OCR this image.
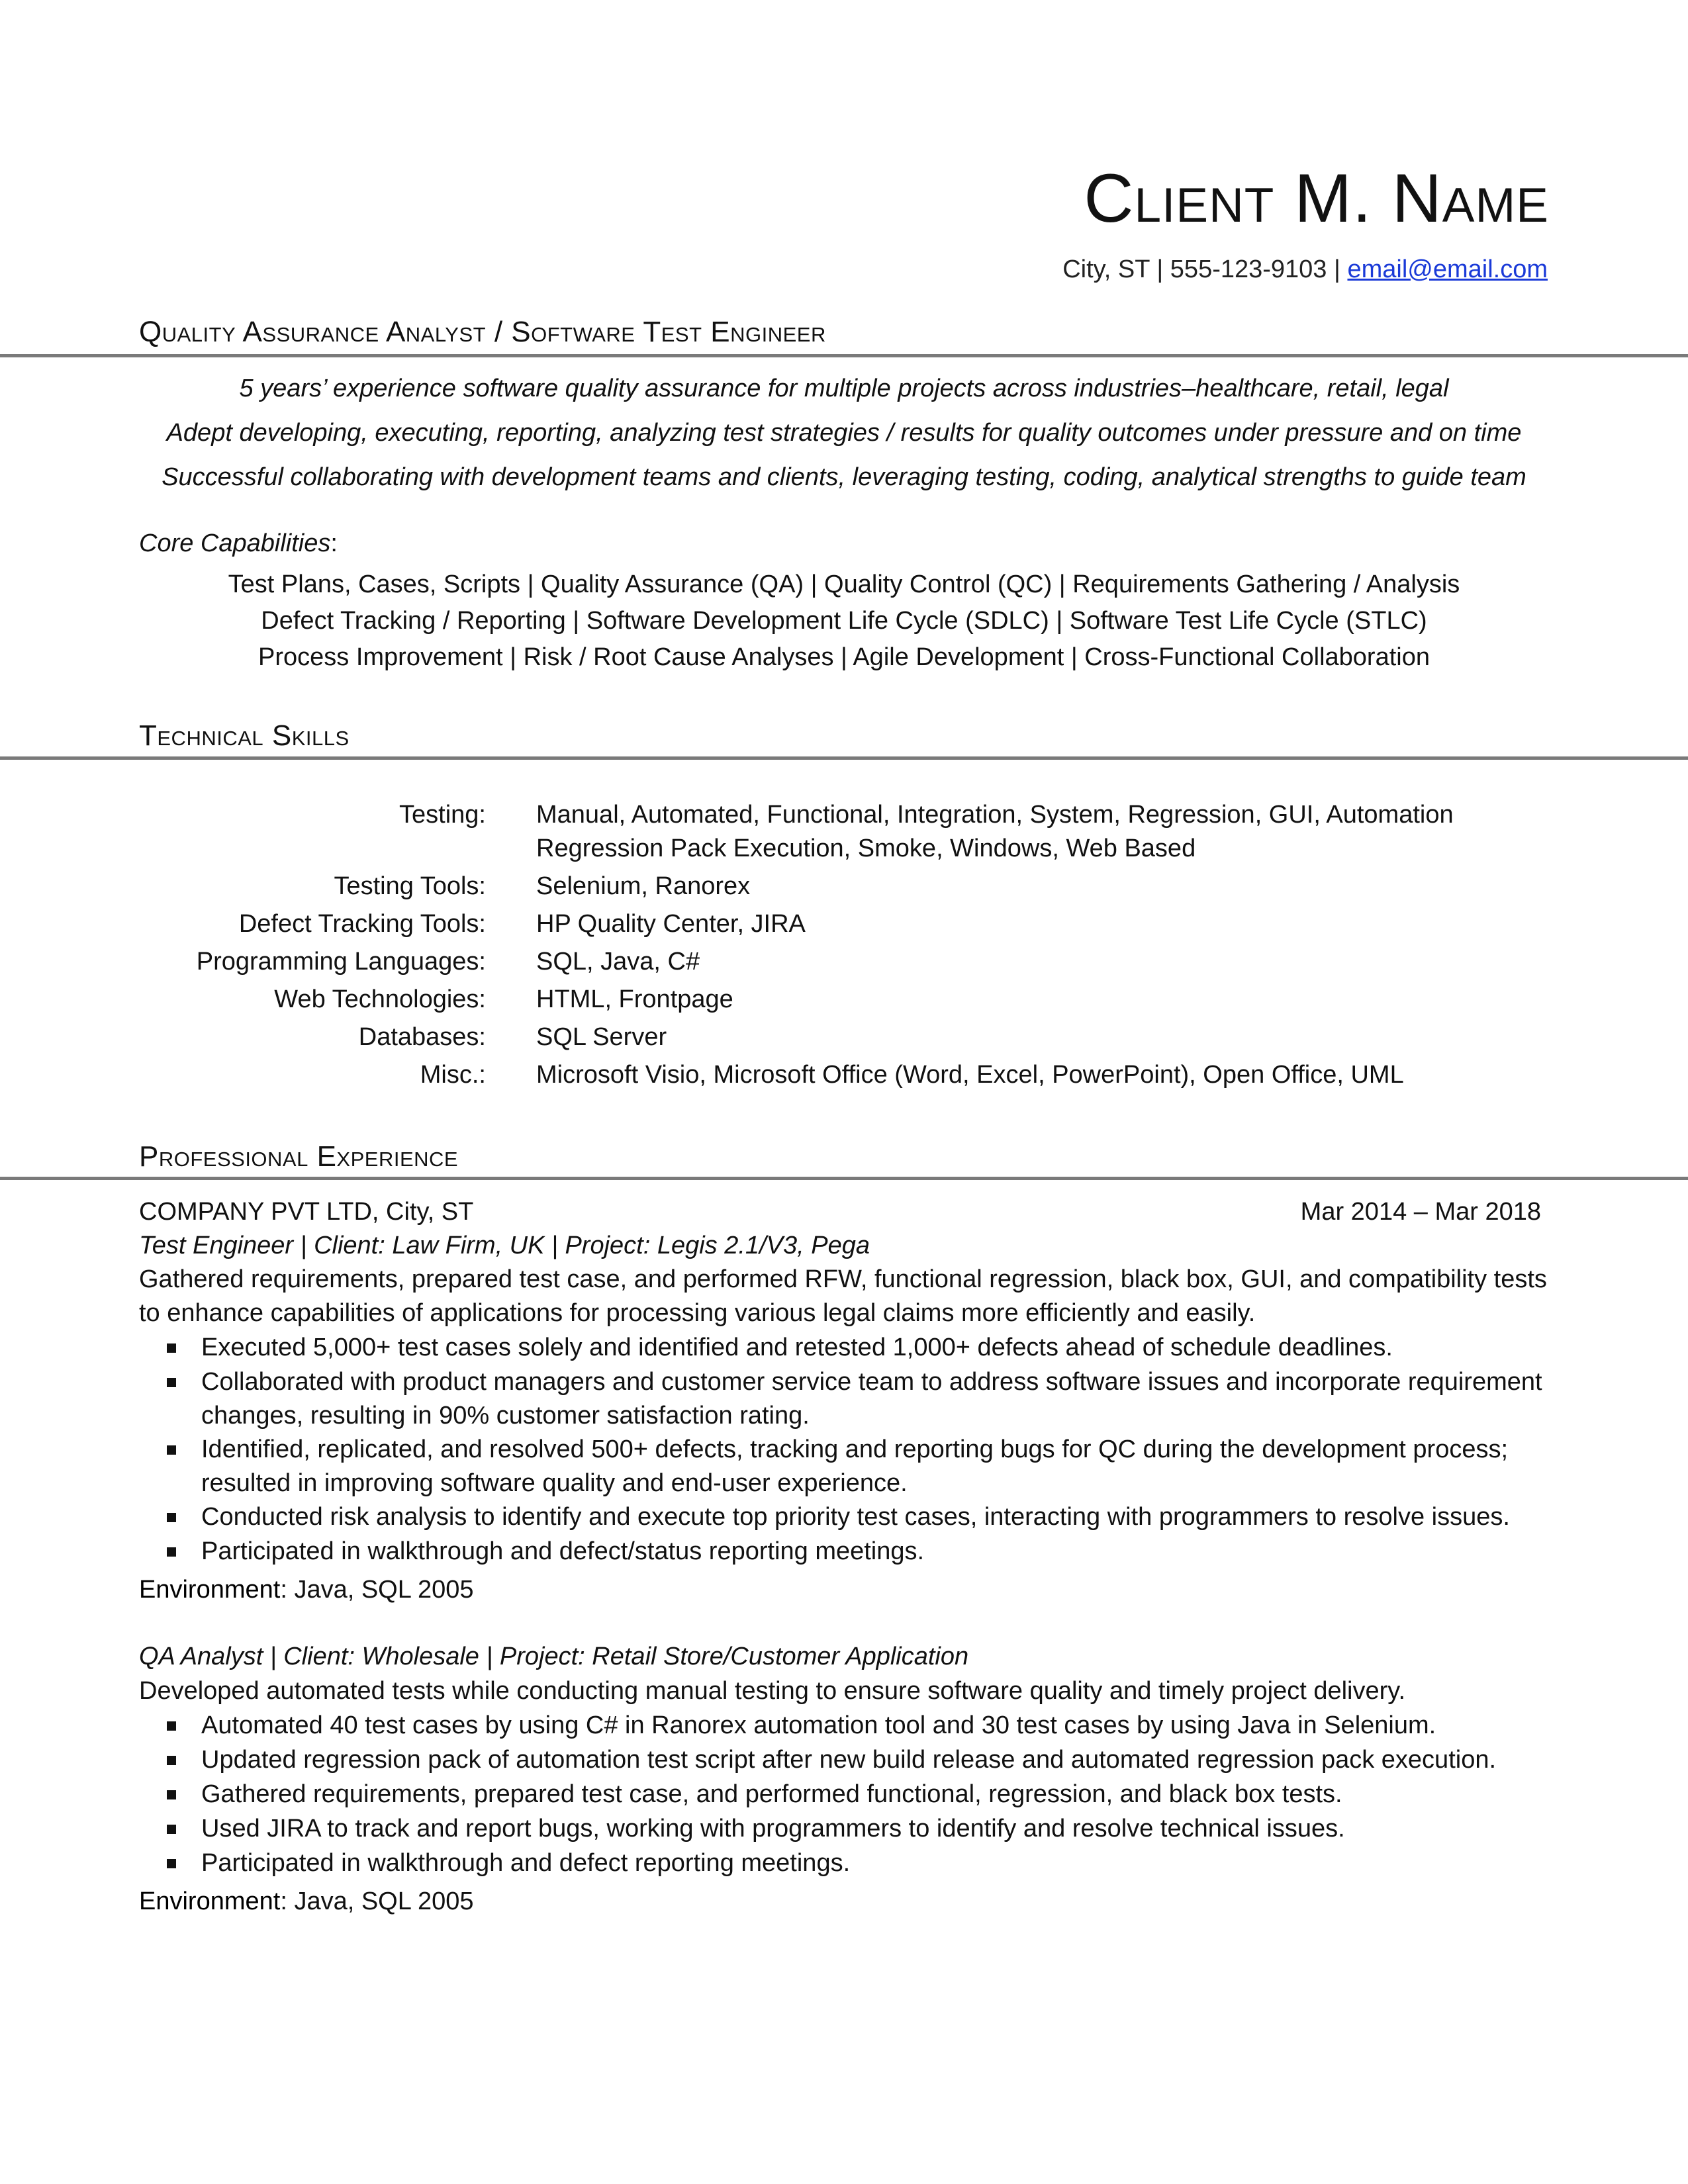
Client M. Name
City, ST | 555-123-9103 | email@email.com
Quality Assurance Analyst / Software Test Engineer
5 years’ experience software quality assurance for multiple projects across industries–healthcare, retail, legal
Adept developing, executing, reporting, analyzing test strategies / results for quality outcomes under pressure and on time
Successful collaborating with development teams and clients, leveraging testing, coding, analytical strengths to guide team
Core Capabilities:
Test Plans, Cases, Scripts | Quality Assurance (QA) | Quality Control (QC) | Requirements Gathering / Analysis
Defect Tracking / Reporting | Software Development Life Cycle (SDLC) | Software Test Life Cycle (STLC)
Process Improvement | Risk / Root Cause Analyses | Agile Development | Cross-Functional Collaboration
Technical Skills
Testing: Manual, Automated, Functional, Integration, System, Regression, GUI, Automation
Regression Pack Execution, Smoke, Windows, Web Based
Testing Tools: Selenium, Ranorex
Defect Tracking Tools: HP Quality Center, JIRA
Programming Languages: SQL, Java, C#
Web Technologies: HTML, Frontpage
Databases: SQL Server
Misc.: Microsoft Visio, Microsoft Office (Word, Excel, PowerPoint), Open Office, UML
Professional Experience
COMPANY PVT LTD, City, ST	Mar 2014 – Mar 2018
Test Engineer | Client: Law Firm, UK | Project: Legis 2.1/V3, Pega
Gathered requirements, prepared test case, and performed RFW, functional regression, black box, GUI, and compatibility tests
to enhance capabilities of applications for processing various legal claims more efficiently and easily.
Executed 5,000+ test cases solely and identified and retested 1,000+ defects ahead of schedule deadlines.
Collaborated with product managers and customer service team to address software issues and incorporate requirement
changes, resulting in 90% customer satisfaction rating.
Identified, replicated, and resolved 500+ defects, tracking and reporting bugs for QC during the development process;
resulted in improving software quality and end-user experience.
Conducted risk analysis to identify and execute top priority test cases, interacting with programmers to resolve issues.
Participated in walkthrough and defect/status reporting meetings.
Environment: Java, SQL 2005
QA Analyst | Client: Wholesale | Project: Retail Store/Customer Application
Developed automated tests while conducting manual testing to ensure software quality and timely project delivery.
Automated 40 test cases by using C# in Ranorex automation tool and 30 test cases by using Java in Selenium.
Updated regression pack of automation test script after new build release and automated regression pack execution.
Gathered requirements, prepared test case, and performed functional, regression, and black box tests.
Used JIRA to track and report bugs, working with programmers to identify and resolve technical issues.
Participated in walkthrough and defect reporting meetings.
Environment: Java, SQL 2005
